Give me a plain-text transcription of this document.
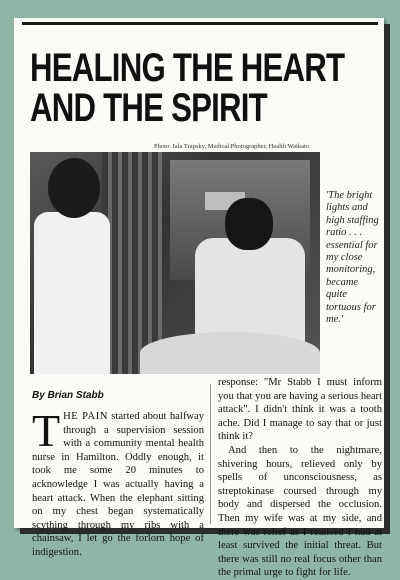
HEALING THE HEART
AND THE SPIRIT
Photo: Iala Trapsky, Medical Photographer, Health Waikato
'The bright lights and high staffing ratio . . . essential for my close monitoring, became quite tortuous for me.'
By Brian Stabb
THE PAIN started about halfway through a supervision session with a community mental health nurse in Hamilton. Oddly enough, it took me some 20 minutes to acknowledge I was actually having a heart attack. When the elephant sitting on my chest began systematically scything through my ribs with a chainsaw, I let go the forlorn hope of indigestion.

response: "Mr Stabb I must inform you that you are having a serious heart attack". I didn't think it was a tooth ache. Did I manage to say that or just think it?

And then to the nightmare, shivering hours, relieved only by spells of unconsciousness, as streptokinase coursed through my body and dispersed the occlusion. Then my wife was at my side, and there was relief as I realised I had at least survived the initial threat. But there was still no real focus other than the primal urge to fight for life.
